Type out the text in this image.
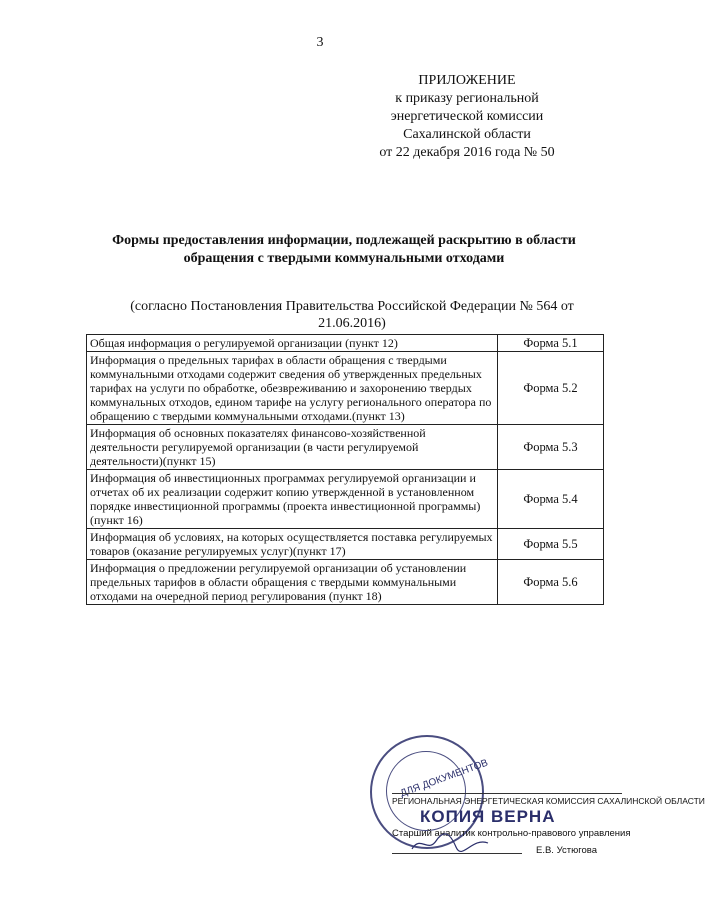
3
ПРИЛОЖЕНИЕ
к приказу региональной
энергетической комиссии
Сахалинской области
от 22 декабря 2016 года № 50
Формы предоставления информации, подлежащей раскрытию в области
обращения с твердыми коммунальными отходами
(согласно Постановления Правительства Российской Федерации № 564 от
21.06.2016)
Общая информация о регулируемой организации (пункт 12)	Форма 5.1
Информация о предельных тарифах в области обращения с твердыми коммунальными отходами содержит сведения об утвержденных предельных тарифах на услуги по обработке, обезвреживанию и захоронению твердых коммунальных отходов, едином тарифе на услугу регионального оператора по обращению с твердыми коммунальными отходами.(пункт 13)	Форма 5.2
Информация об основных показателях финансово-хозяйственной деятельности регулируемой организации (в части регулируемой деятельности)(пункт 15)	Форма 5.3
Информация об инвестиционных программах регулируемой организации и отчетах об их реализации содержит копию утвержденной в установленном порядке инвестиционной программы (проекта инвестиционной программы)(пункт 16)	Форма 5.4
Информация об условиях, на которых осуществляется поставка регулируемых товаров (оказание регулируемых услуг)(пункт 17)	Форма 5.5
Информация о предложении регулируемой организации об установлении предельных тарифов в области обращения с твердыми коммунальными отходами на очередной период регулирования (пункт 18)	Форма 5.6
ДЛЯ ДОКУМЕНТОВ
РЕГИОНАЛЬНАЯ ЭНЕРГЕТИЧЕСКАЯ КОМИССИЯ САХАЛИНСКОЙ ОБЛАСТИ
КОПИЯ ВЕРНА
Старший аналитик контрольно-правового управления
Е.В. Устюгова
